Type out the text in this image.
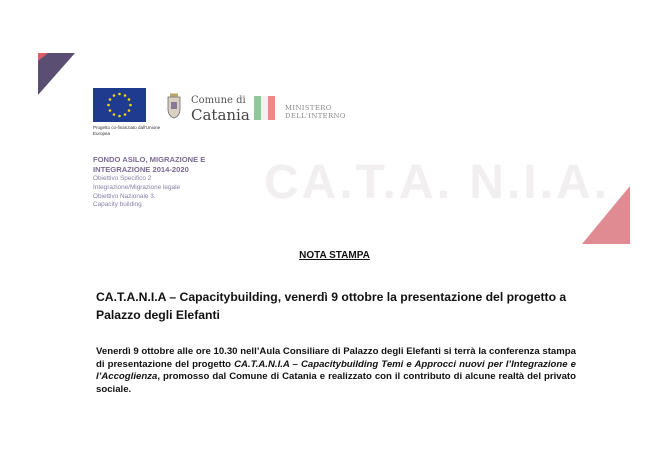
Progetto co-finanziato dall'Unione Europea
Comune di
Catania	MINISTERO
DELL'INTERNO
FONDO ASILO, MIGRAZIONE E
INTEGRAZIONE 2014-2020
Obiettivo Specifico 2
Integrazione/Migrazione legale
Obiettivo Nazionale 3.
Capacity building	CA.T.A. N.I.A.
NOTA STAMPA
CA.T.A.N.I.A – Capacitybuilding, venerdì 9 ottobre la presentazione del progetto a Palazzo degli Elefanti
Venerdì 9 ottobre alle ore 10.30 nell’Aula Consiliare di Palazzo degli Elefanti si terrà la conferenza stampa di presentazione del progetto CA.T.A.N.I.A – Capacitybuilding Temi e Approcci nuovi per l’Integrazione e l’Accoglienza, promosso dal Comune di Catania e realizzato con il contributo di alcune realtà del privato sociale.
